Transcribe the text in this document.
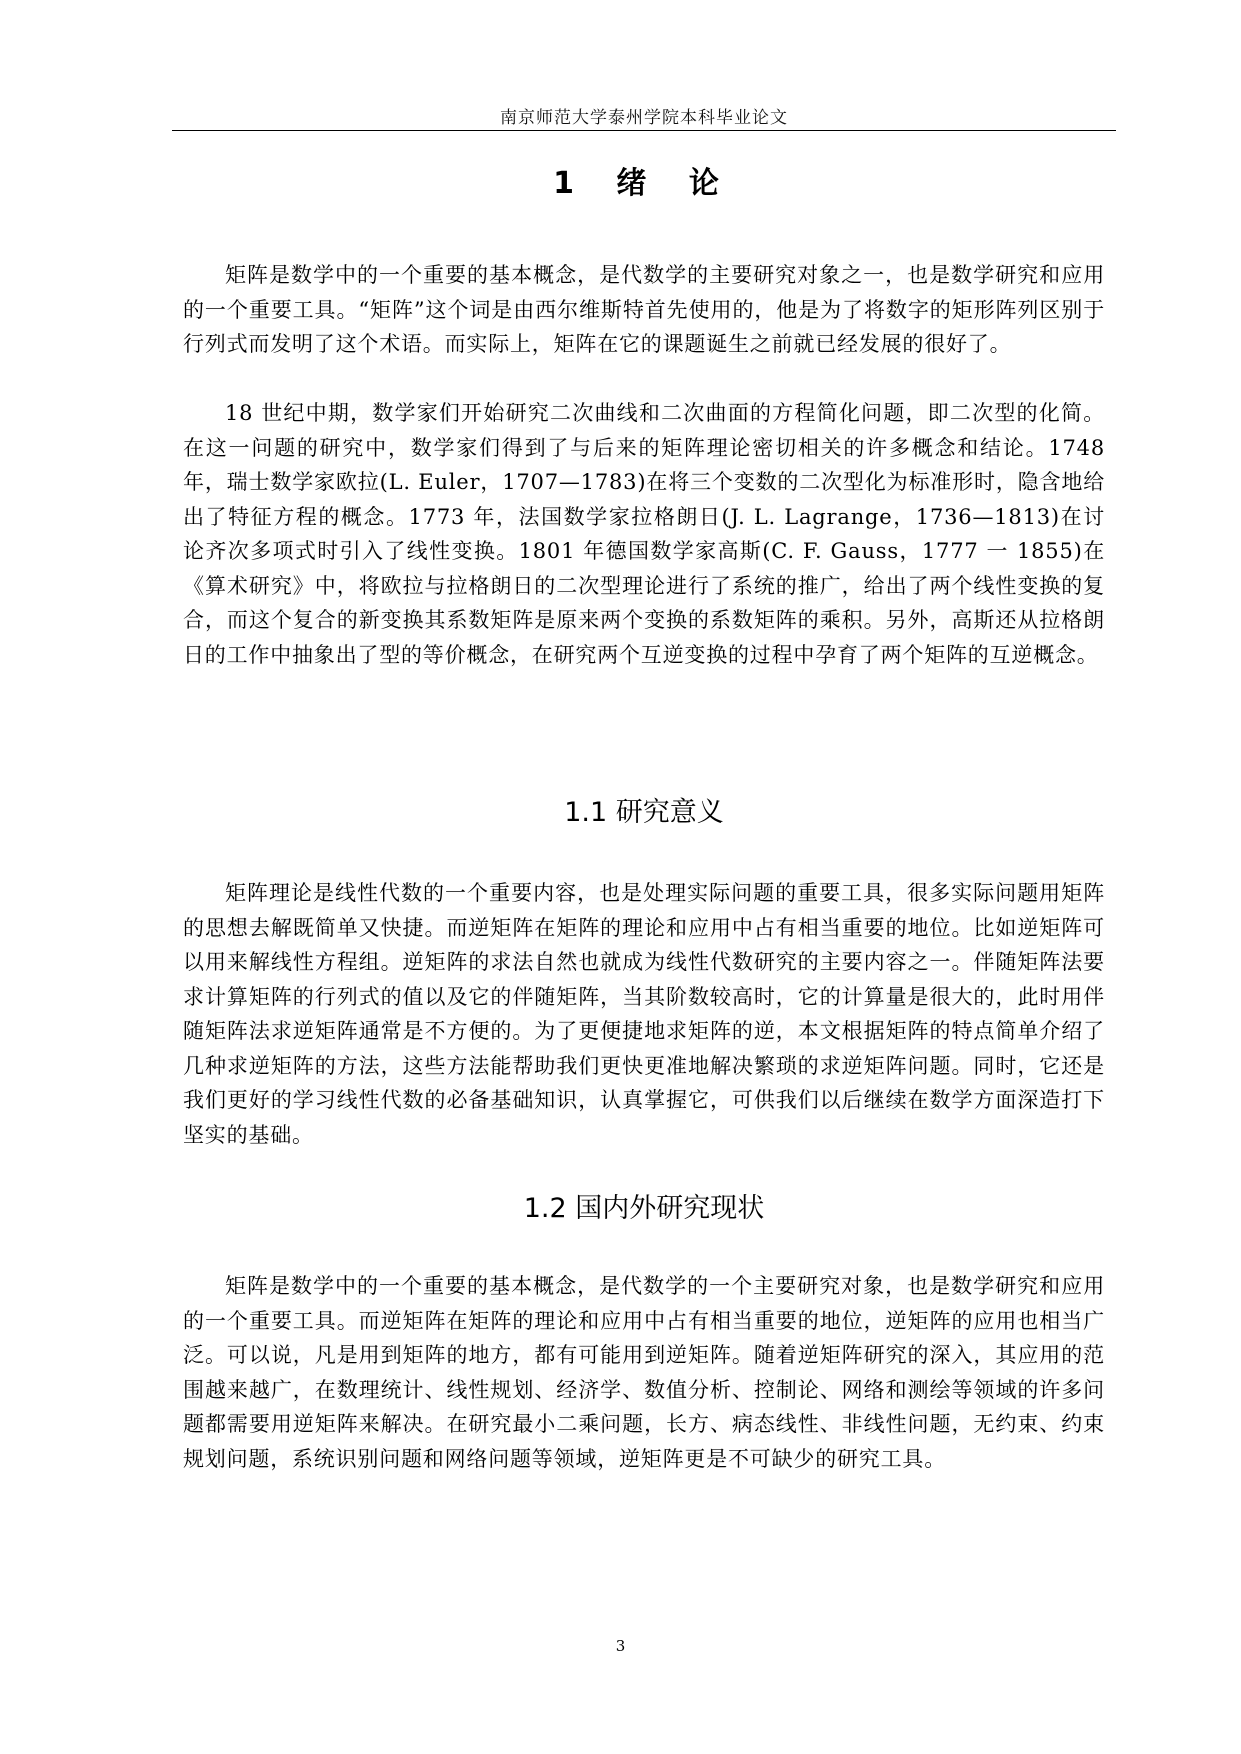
南京师范大学泰州学院本科毕业论文
1 绪 论

矩阵是数学中的一个重要的基本概念，是代数学的主要研究对象之一，也是数学研究和应用的一个重要工具。“矩阵”这个词是由西尔维斯特首先使用的，他是为了将数字的矩形阵列区别于行列式而发明了这个术语。而实际上，矩阵在它的课题诞生之前就已经发展的很好了。

18 世纪中期，数学家们开始研究二次曲线和二次曲面的方程简化问题，即二次型的化简。在这一问题的研究中，数学家们得到了与后来的矩阵理论密切相关的许多概念和结论。1748 年，瑞士数学家欧拉(L. Euler，1707—1783)在将三个变数的二次型化为标准形时，隐含地给出了特征方程的概念。1773 年，法国数学家拉格朗日(J. L. Lagrange，1736—1813)在讨论齐次多项式时引入了线性变换。1801 年德国数学家高斯(C. F. Gauss，1777 一 1855)在《算术研究》中，将欧拉与拉格朗日的二次型理论进行了系统的推广，给出了两个线性变换的复合，而这个复合的新变换其系数矩阵是原来两个变换的系数矩阵的乘积。另外，高斯还从拉格朗日的工作中抽象出了型的等价概念，在研究两个互逆变换的过程中孕育了两个矩阵的互逆概念。

1.1 研究意义

矩阵理论是线性代数的一个重要内容，也是处理实际问题的重要工具，很多实际问题用矩阵的思想去解既简单又快捷。而逆矩阵在矩阵的理论和应用中占有相当重要的地位。比如逆矩阵可以用来解线性方程组。逆矩阵的求法自然也就成为线性代数研究的主要内容之一。伴随矩阵法要求计算矩阵的行列式的值以及它的伴随矩阵，当其阶数较高时，它的计算量是很大的，此时用伴随矩阵法求逆矩阵通常是不方便的。为了更便捷地求矩阵的逆，本文根据矩阵的特点简单介绍了几种求逆矩阵的方法，这些方法能帮助我们更快更准地解决繁琐的求逆矩阵问题。同时，它还是我们更好的学习线性代数的必备基础知识，认真掌握它，可供我们以后继续在数学方面深造打下坚实的基础。

1.2 国内外研究现状

矩阵是数学中的一个重要的基本概念，是代数学的一个主要研究对象，也是数学研究和应用的一个重要工具。而逆矩阵在矩阵的理论和应用中占有相当重要的地位，逆矩阵的应用也相当广泛。可以说，凡是用到矩阵的地方，都有可能用到逆矩阵。随着逆矩阵研究的深入，其应用的范围越来越广，在数理统计、线性规划、经济学、数值分析、控制论、网络和测绘等领域的许多问题都需要用逆矩阵来解决。在研究最小二乘问题，长方、病态线性、非线性问题，无约束、约束规划问题，系统识别问题和网络问题等领域，逆矩阵更是不可缺少的研究工具。

3
